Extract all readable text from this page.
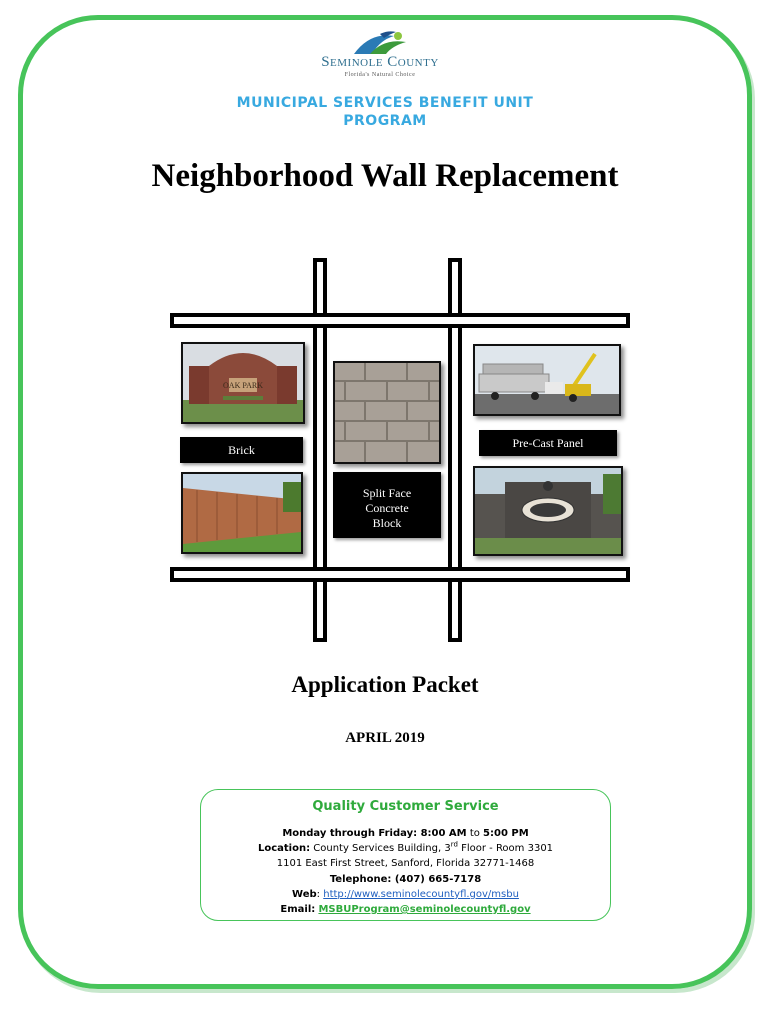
Seminole County
Florida's Natural Choice
MUNICIPAL SERVICES BENEFIT UNIT
PROGRAM
Neighborhood Wall Replacement
OAK PARK
Brick
Split Face
Concrete
Block
Pre-Cast Panel
Application Packet
APRIL 2019
Quality Customer Service
Monday through Friday: 8:00 AM to 5:00 PM
Location: County Services Building, 3rd Floor - Room 3301
1101 East First Street, Sanford, Florida 32771-1468
Telephone: (407) 665-7178
Web: http://www.seminolecountyfl.gov/msbu
Email: MSBUProgram@seminolecountyfl.gov
